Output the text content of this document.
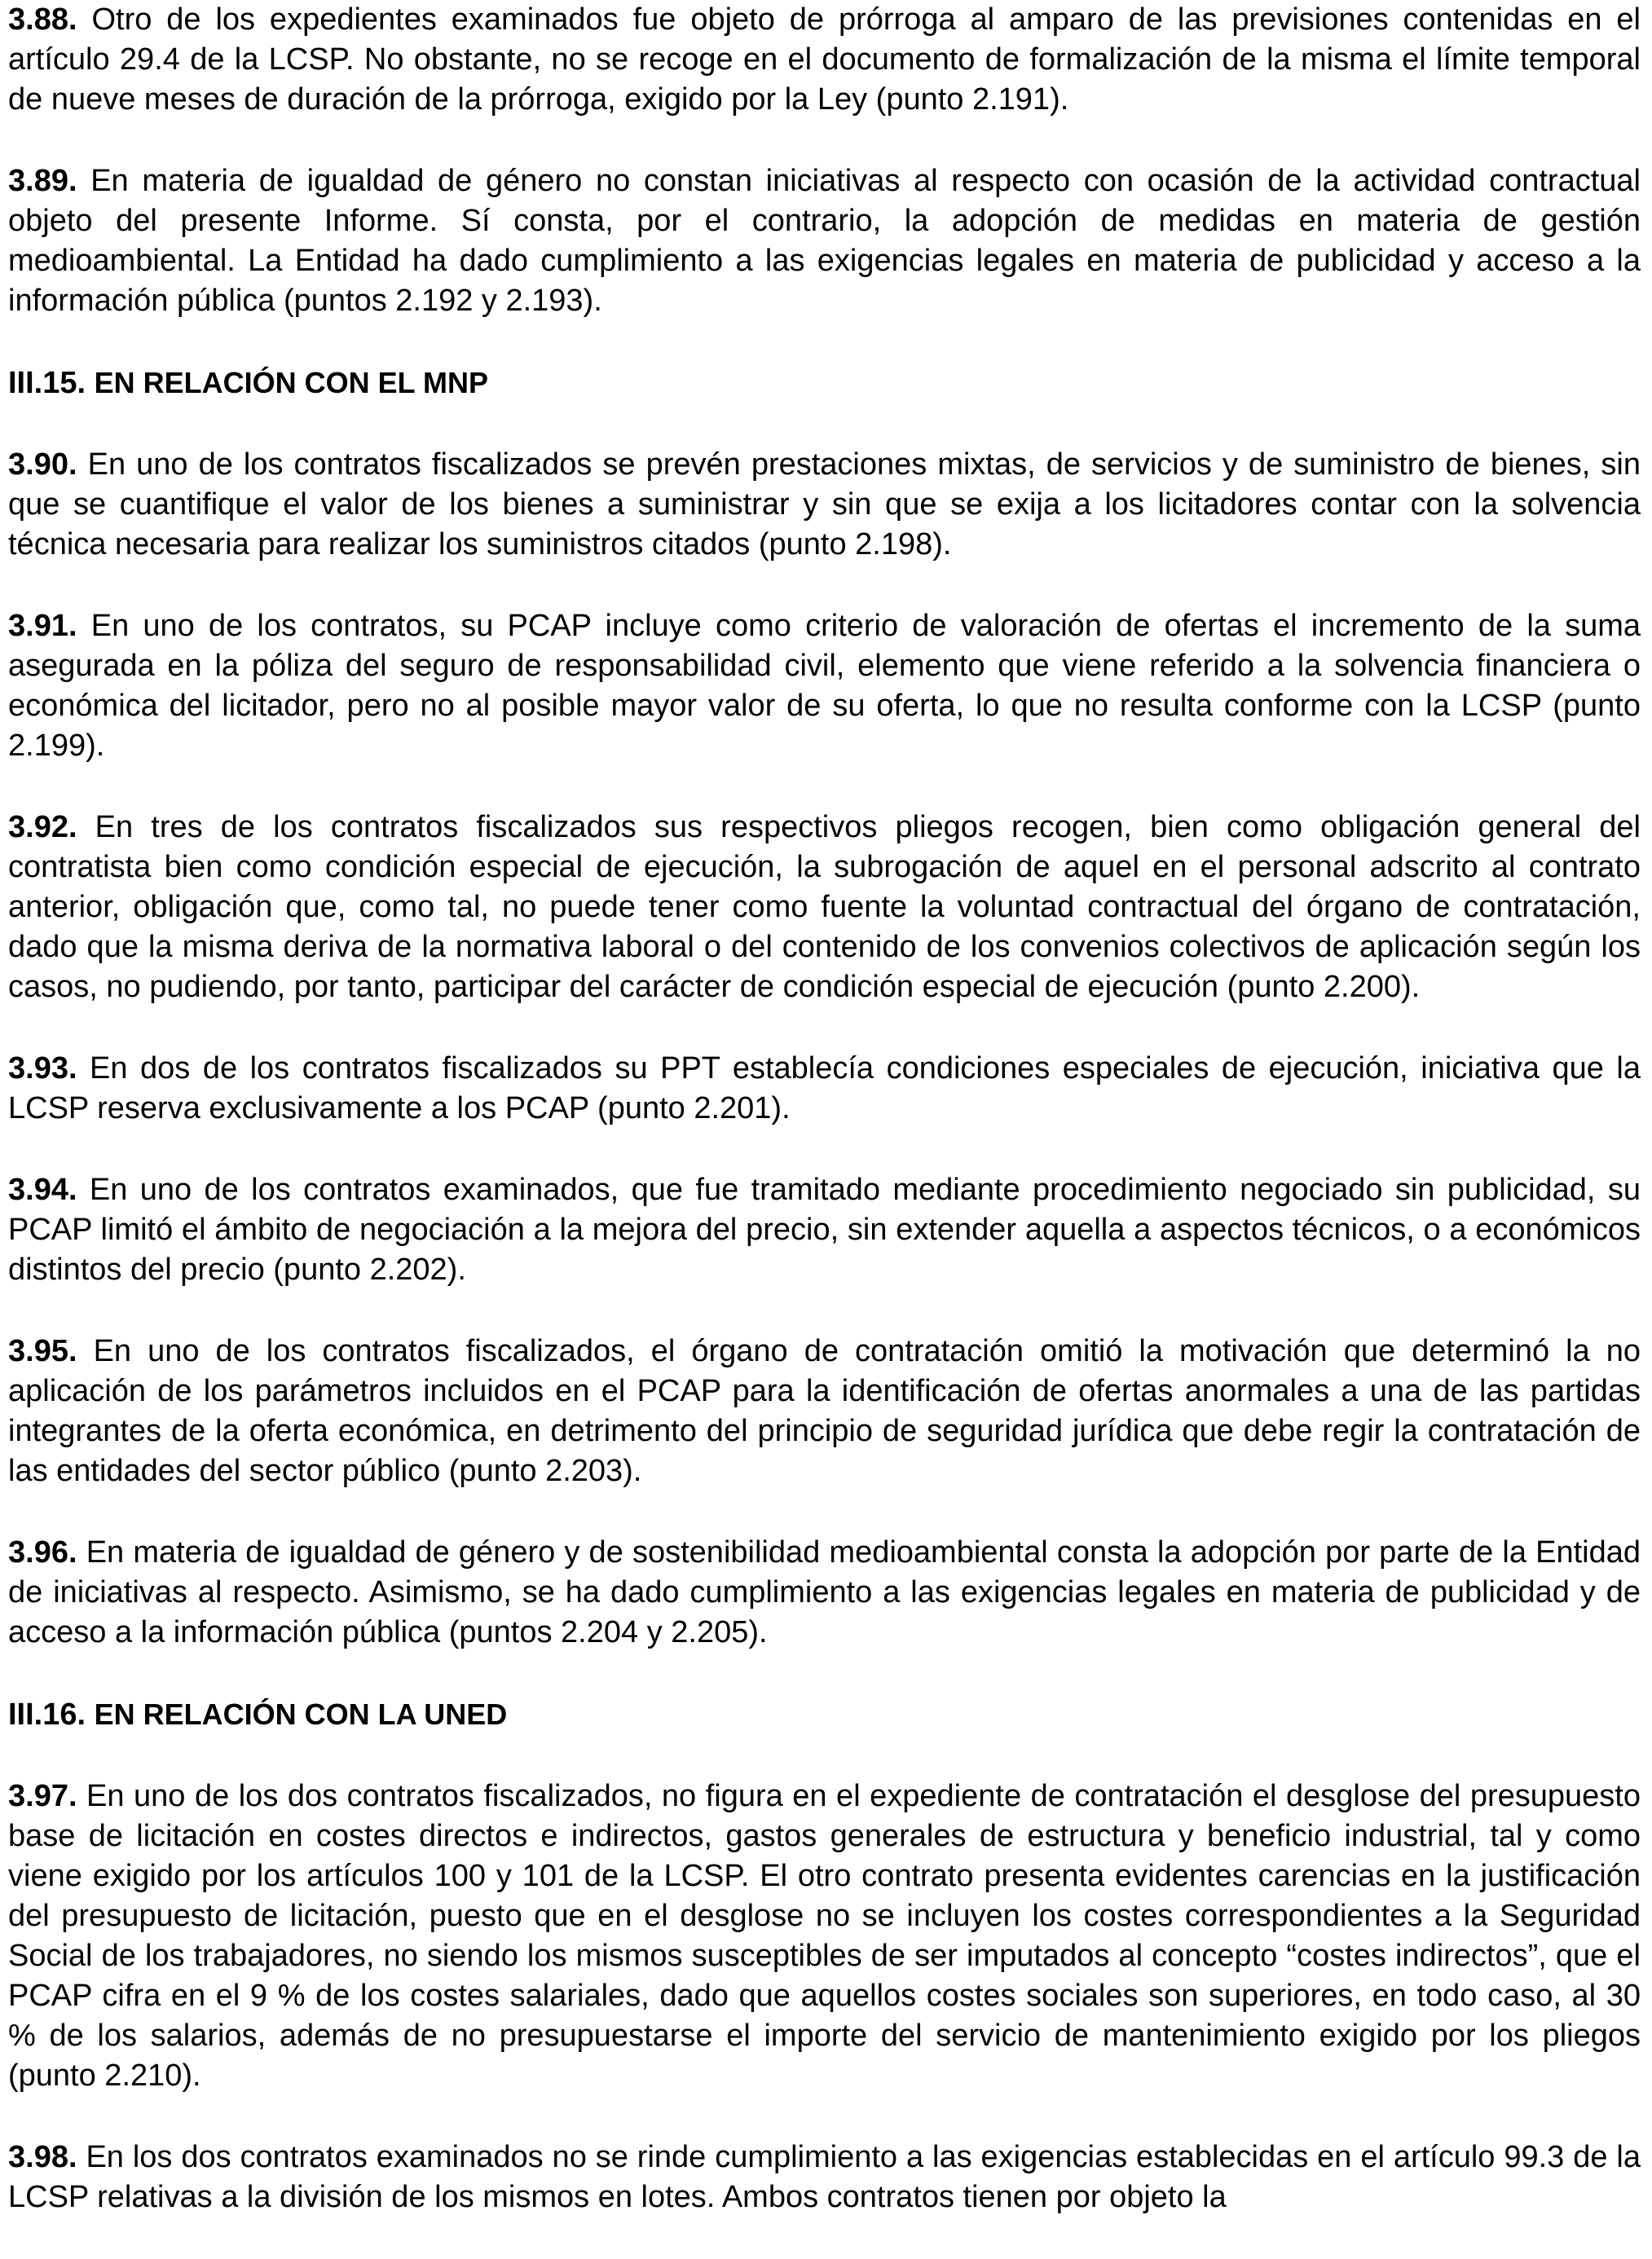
3.88. Otro de los expedientes examinados fue objeto de prórroga al amparo de las previsiones contenidas en el artículo 29.4 de la LCSP. No obstante, no se recoge en el documento de formalización de la misma el límite temporal de nueve meses de duración de la prórroga, exigido por la Ley (punto 2.191).

3.89. En materia de igualdad de género no constan iniciativas al respecto con ocasión de la actividad contractual objeto del presente Informe. Sí consta, por el contrario, la adopción de medidas en materia de gestión medioambiental. La Entidad ha dado cumplimiento a las exigencias legales en materia de publicidad y acceso a la información pública (puntos 2.192 y 2.193).

III.15. EN RELACIÓN CON EL MNP

3.90. En uno de los contratos fiscalizados se prevén prestaciones mixtas, de servicios y de suministro de bienes, sin que se cuantifique el valor de los bienes a suministrar y sin que se exija a los licitadores contar con la solvencia técnica necesaria para realizar los suministros citados (punto 2.198).

3.91. En uno de los contratos, su PCAP incluye como criterio de valoración de ofertas el incremento de la suma asegurada en la póliza del seguro de responsabilidad civil, elemento que viene referido a la solvencia financiera o económica del licitador, pero no al posible mayor valor de su oferta, lo que no resulta conforme con la LCSP (punto 2.199).

3.92. En tres de los contratos fiscalizados sus respectivos pliegos recogen, bien como obligación general del contratista bien como condición especial de ejecución, la subrogación de aquel en el personal adscrito al contrato anterior, obligación que, como tal, no puede tener como fuente la voluntad contractual del órgano de contratación, dado que la misma deriva de la normativa laboral o del contenido de los convenios colectivos de aplicación según los casos, no pudiendo, por tanto, participar del carácter de condición especial de ejecución (punto 2.200).

3.93. En dos de los contratos fiscalizados su PPT establecía condiciones especiales de ejecución, iniciativa que la LCSP reserva exclusivamente a los PCAP (punto 2.201).

3.94. En uno de los contratos examinados, que fue tramitado mediante procedimiento negociado sin publicidad, su PCAP limitó el ámbito de negociación a la mejora del precio, sin extender aquella a aspectos técnicos, o a económicos distintos del precio (punto 2.202).

3.95. En uno de los contratos fiscalizados, el órgano de contratación omitió la motivación que determinó la no aplicación de los parámetros incluidos en el PCAP para la identificación de ofertas anormales a una de las partidas integrantes de la oferta económica, en detrimento del principio de seguridad jurídica que debe regir la contratación de las entidades del sector público (punto 2.203).

3.96. En materia de igualdad de género y de sostenibilidad medioambiental consta la adopción por parte de la Entidad de iniciativas al respecto. Asimismo, se ha dado cumplimiento a las exigencias legales en materia de publicidad y de acceso a la información pública (puntos 2.204 y 2.205).

III.16. EN RELACIÓN CON LA UNED

3.97. En uno de los dos contratos fiscalizados, no figura en el expediente de contratación el desglose del presupuesto base de licitación en costes directos e indirectos, gastos generales de estructura y beneficio industrial, tal y como viene exigido por los artículos 100 y 101 de la LCSP. El otro contrato presenta evidentes carencias en la justificación del presupuesto de licitación, puesto que en el desglose no se incluyen los costes correspondientes a la Seguridad Social de los trabajadores, no siendo los mismos susceptibles de ser imputados al concepto “costes indirectos”, que el PCAP cifra en el 9 % de los costes salariales, dado que aquellos costes sociales son superiores, en todo caso, al 30 % de los salarios, además de no presupuestarse el importe del servicio de mantenimiento exigido por los pliegos (punto 2.210).

3.98. En los dos contratos examinados no se rinde cumplimiento a las exigencias establecidas en el artículo 99.3 de la LCSP relativas a la división de los mismos en lotes. Ambos contratos tienen por objeto la
